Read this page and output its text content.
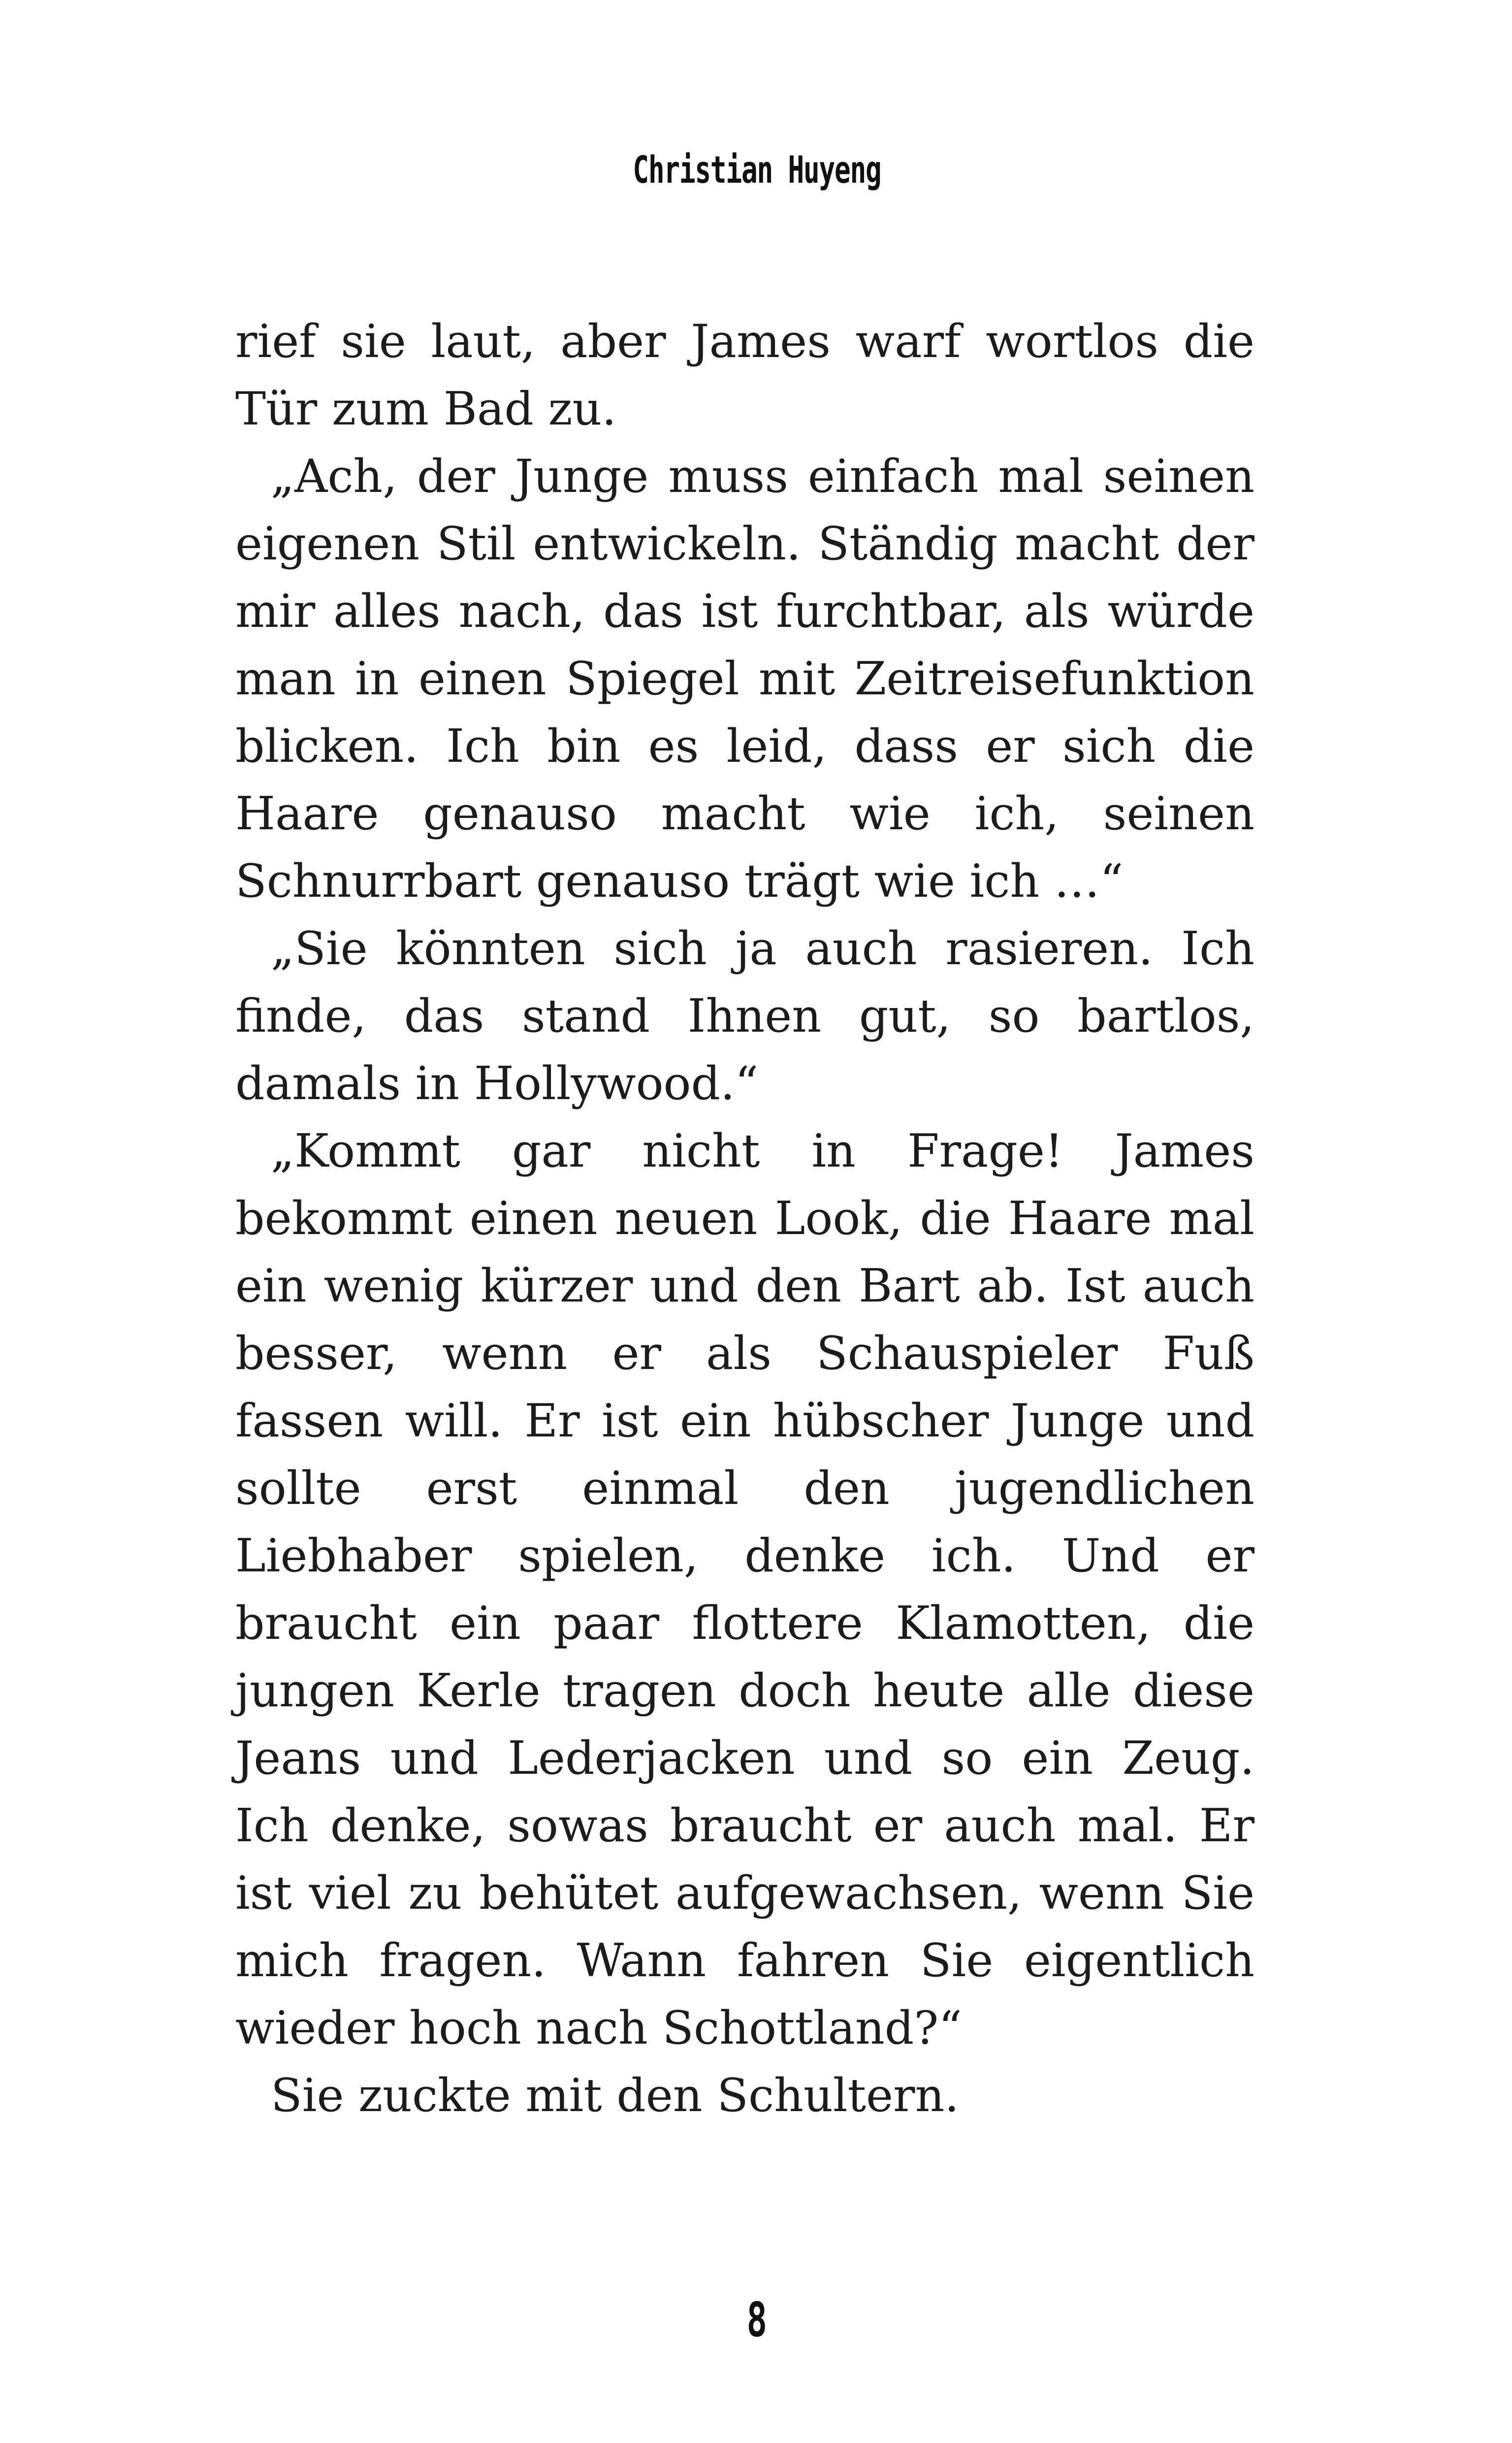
Christian Huyeng

rief sie laut, aber James warf wortlos die Tür zum Bad zu.

„Ach, der Junge muss einfach mal seinen eigenen Stil entwickeln. Ständig macht der mir alles nach, das ist furchtbar, als würde man in einen Spiegel mit Zeitreisefunktion blicken. Ich bin es leid, dass er sich die Haare genauso macht wie ich, seinen Schnurrbart genauso trägt wie ich …“

„Sie könnten sich ja auch rasieren. Ich finde, das stand Ihnen gut, so bartlos, damals in Hollywood.“

„Kommt gar nicht in Frage! James bekommt einen neuen Look, die Haare mal ein wenig kürzer und den Bart ab. Ist auch besser, wenn er als Schauspieler Fuß fassen will. Er ist ein hübscher Junge und sollte erst einmal den jugendlichen Liebhaber spielen, denke ich. Und er braucht ein paar flottere Klamotten, die jungen Kerle tragen doch heute alle diese Jeans und Lederjacken und so ein Zeug. Ich denke, sowas braucht er auch mal. Er ist viel zu behütet aufgewachsen, wenn Sie mich fragen. Wann fahren Sie eigentlich wieder hoch nach Schottland?“

Sie zuckte mit den Schultern.

8
